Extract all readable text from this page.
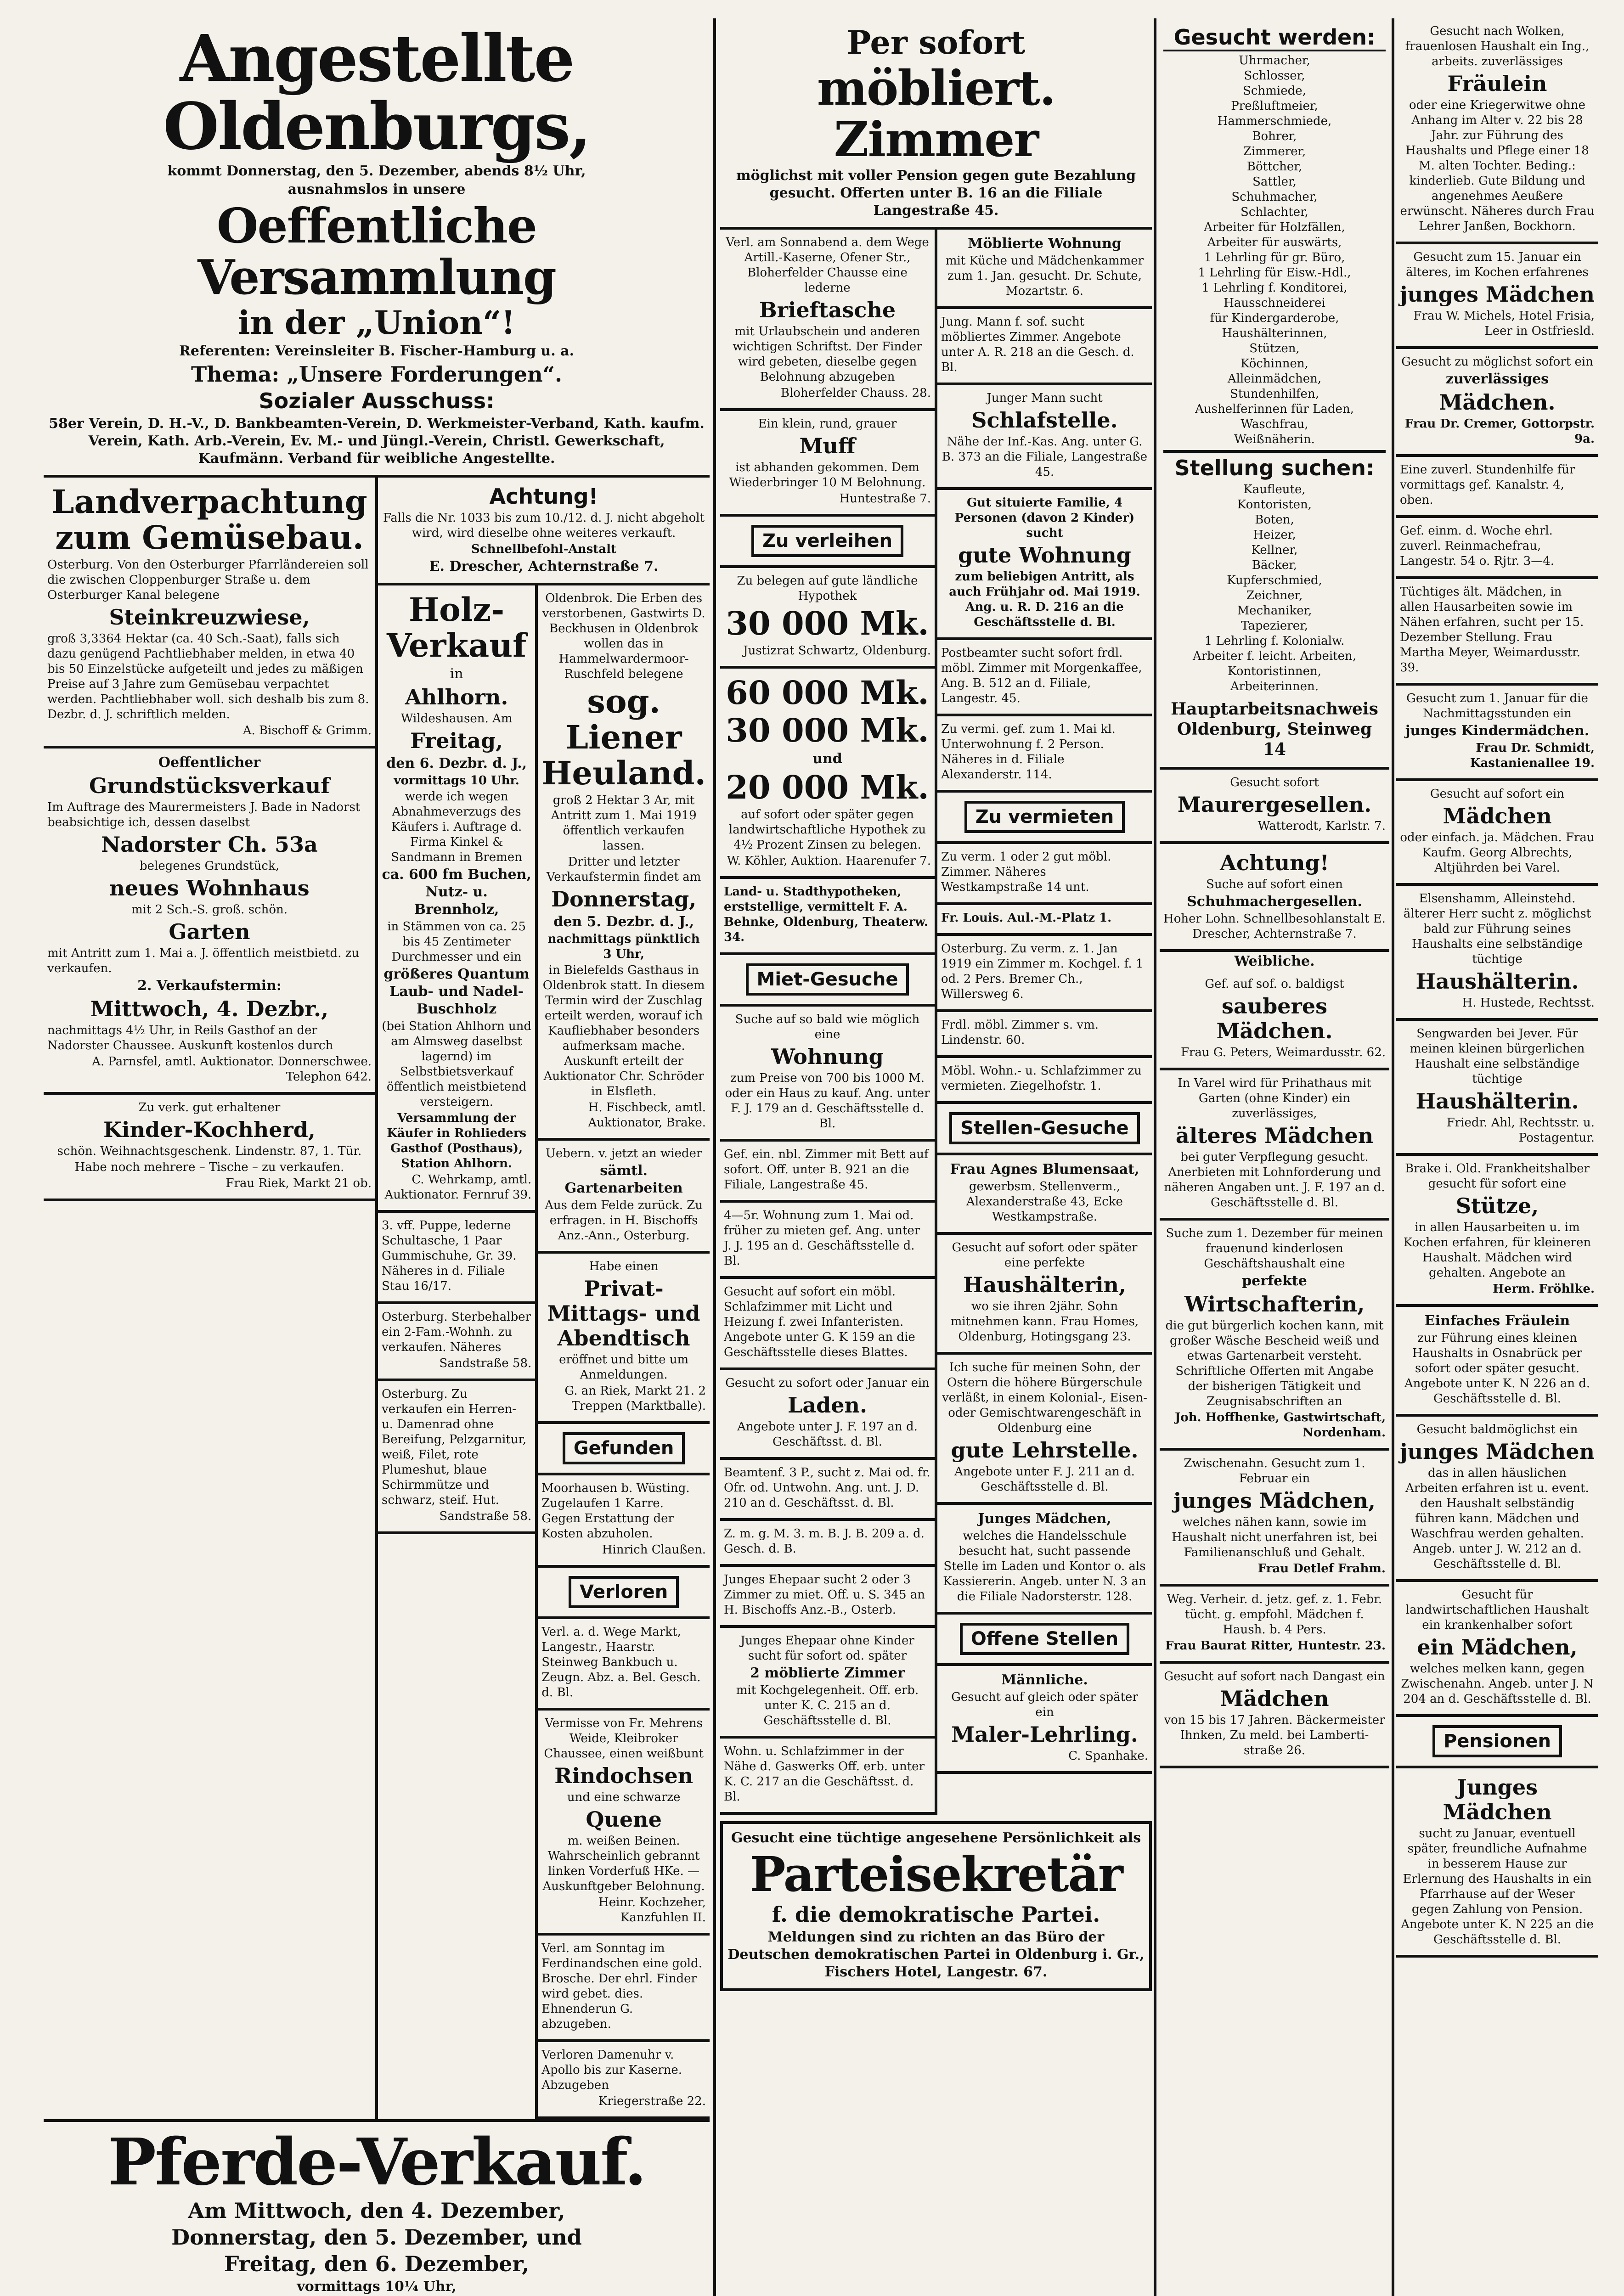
Angestellte Oldenburgs,
kommt Donnerstag, den 5. Dezember, abends 8½ Uhr,
ausnahmslos in unsere
Oeffentliche Versammlung
in der „Union“!
Referenten: Vereinsleiter B. Fischer-Hamburg u. a.
Thema: „Unsere Forderungen“.
Sozialer Ausschuss:
58er Verein, D. H.-V., D. Bankbeamten-Verein, D. Werkmeister-Verband, Kath. kaufm. Verein, Kath. Arb.-Verein, Ev. M.- und Jüngl.-Verein, Christl. Gewerkschaft, Kaufmänn. Verband für weibliche Angestellte.
Landverpachtung zum Gemüsebau.
Osterburg. Von den Osterburger Pfarrländereien soll die zwischen Cloppenburger Straße u. dem Osterburger Kanal belegene
Steinkreuzwiese,
groß 3,3364 Hektar (ca. 40 Sch.-Saat), falls sich dazu genügend Pachtliebhaber melden, in etwa 40 bis 50 Einzelstücke aufgeteilt und jedes zu mäßigen Preise auf 3 Jahre zum Gemüsebau verpachtet werden. Pachtliebhaber woll. sich deshalb bis zum 8. Dezbr. d. J. schriftlich melden.
A. Bischoff & Grimm.
Oeffentlicher
Grundstücksverkauf
Im Auftrage des Maurermeisters J. Bade in Nadorst beabsichtige ich, dessen daselbst
Nadorster Ch. 53a
belegenes Grundstück,
neues Wohnhaus
mit 2 Sch.-S. groß. schön.
Garten
mit Antritt zum 1. Mai a. J. öffentlich meistbietd. zu verkaufen.
2. Verkaufstermin:
Mittwoch, 4. Dezbr.,
nachmittags 4½ Uhr, in Reils Gasthof an der Nadorster Chaussee. Auskunft kostenlos durch
A. Parnsfel, amtl. Auktionator. Donnerschwee. Telephon 642.
Zu verk. gut erhaltener
Kinder-Kochherd,
schön. Weihnachtsgeschenk. Lindenstr. 87, 1. Tür.
Habe noch mehrere – Tische – zu verkaufen.
Frau Riek, Markt 21 ob.
Achtung!
Falls die Nr. 1033 bis zum 10./12. d. J. nicht abgeholt wird, wird dieselbe ohne weiteres verkauft.
Schnellbefohl-Anstalt
E. Drescher, Achternstraße 7.
Holz-Verkauf
in
Ahlhorn.
Wildeshausen. Am
Freitag,
den 6. Dezbr. d. J.,
vormittags 10 Uhr.
werde ich wegen Abnahmeverzugs des Käufers i. Auftrage d. Firma Kinkel & Sandmann in Bremen
ca. 600 fm Buchen, Nutz- u. Brennholz,
in Stämmen von ca. 25 bis 45 Zentimeter Durchmesser und ein
größeres Quantum Laub- und Nadel-Buschholz
(bei Station Ahlhorn und am Almsweg daselbst lagernd) im Selbstbietsverkauf öffentlich meistbietend versteigern.
Versammlung der Käufer in Rohlieders Gasthof (Posthaus), Station Ahlhorn.
C. Wehrkamp, amtl. Auktionator. Fernruf 39.
3. vff. Puppe, lederne Schultasche, 1 Paar Gummischuhe, Gr. 39. Näheres in d. Filiale Stau 16/17.
Osterburg. Sterbehalber ein 2-Fam.-Wohnh. zu verkaufen. Näheres
Sandstraße 58.
Osterburg. Zu verkaufen ein Herren- u. Damenrad ohne Bereifung, Pelzgarnitur, weiß, Filet, rote Plumeshut, blaue Schirmmütze und schwarz, steif. Hut.
Sandstraße 58.
Oldenbrok. Die Erben des verstorbenen, Gastwirts D. Beckhusen in Oldenbrok wollen das in Hammelwardermoor-Ruschfeld belegene
sog. Liener Heuland.
groß 2 Hektar 3 Ar, mit Antritt zum 1. Mai 1919 öffentlich verkaufen lassen.
Dritter und letzter Verkaufstermin findet am
Donnerstag,
den 5. Dezbr. d. J.,
nachmittags pünktlich 3 Uhr,
in Bielefelds Gasthaus in Oldenbrok statt. In diesem Termin wird der Zuschlag erteilt werden, worauf ich Kaufliebhaber besonders aufmerksam mache. Auskunft erteilt der Auktionator Chr. Schröder in Elsfleth.
H. Fischbeck, amtl. Auktionator, Brake.
Uebern. v. jetzt an wieder
sämtl. Gartenarbeiten
Aus dem Felde zurück. Zu erfragen. in H. Bischoffs Anz.-Ann., Osterburg.
Habe einen
Privat-Mittags- und Abendtisch
eröffnet und bitte um Anmeldungen.
G. an Riek, Markt 21. 2 Treppen (Marktballe).
Gefunden
Moorhausen b. Wüsting. Zugelaufen 1 Karre. Gegen Erstattung der Kosten abzuholen.
Hinrich Claußen.
Verloren
Verl. a. d. Wege Markt, Langestr., Haarstr. Steinweg Bankbuch u. Zeugn. Abz. a. Bel. Gesch. d. Bl.
Vermisse von Fr. Mehrens Weide, Kleibroker Chaussee, einen weißbunt
Rindochsen
und eine schwarze
Quene
m. weißen Beinen. Wahrscheinlich gebrannt linken Vorderfuß HKe. — Auskunftgeber Belohnung.
Heinr. Kochzeher, Kanzfuhlen II.
Verl. am Sonntag im Ferdinandschen eine gold. Brosche. Der ehrl. Finder wird gebet. dies. Ehnenderun G. abzugeben.
Verloren Damenuhr v. Apollo bis zur Kaserne. Abzugeben
Kriegerstraße 22.
Pferde-Verkauf.
Am Mittwoch, den 4. Dezember,
Donnerstag, den 5. Dezember, und
Freitag, den 6. Dezember,
vormittags 10¼ Uhr,
Per sofort
möbliert. Zimmer
möglichst mit voller Pension gegen gute Bezahlung gesucht. Offerten unter B. 16 an die Filiale Langestraße 45.
Verl. am Sonnabend a. dem Wege Artill.-Kaserne, Ofener Str., Bloherfelder Chausse eine lederne
Brieftasche
mit Urlaubschein und anderen wichtigen Schriftst. Der Finder wird gebeten, dieselbe gegen Belohnung abzugeben
Bloherfelder Chauss. 28.
Ein klein, rund, grauer
Muff
ist abhanden gekommen. Dem Wiederbringer 10 M Belohnung.
Huntestraße 7.
Zu verleihen
Zu belegen auf gute ländliche Hypothek
30 000 Mk.
Justizrat Schwartz, Oldenburg.
60 000 Mk.
30 000 Mk.
und
20 000 Mk.
auf sofort oder später gegen landwirtschaftliche Hypothek zu 4½ Prozent Zinsen zu belegen.
W. Köhler, Auktion. Haarenufer 7.
Land- u. Stadthypotheken, erststellige, vermittelt F. A. Behnke, Oldenburg, Theaterw. 34.
Miet-Gesuche
Suche auf so bald wie möglich eine
Wohnung
zum Preise von 700 bis 1000 M. oder ein Haus zu kauf. Ang. unter F. J. 179 an d. Geschäftsstelle d. Bl.
Gef. ein. nbl. Zimmer mit Bett auf sofort. Off. unter B. 921 an die Filiale, Langestraße 45.
4—5r. Wohnung zum 1. Mai od. früher zu mieten gef. Ang. unter J. J. 195 an d. Geschäftsstelle d. Bl.
Gesucht auf sofort ein möbl. Schlafzimmer mit Licht und Heizung f. zwei Infanteristen. Angebote unter G. K 159 an die Geschäftsstelle dieses Blattes.
Gesucht zu sofort oder Januar ein
Laden.
Angebote unter J. F. 197 an d. Geschäftsst. d. Bl.
Beamtenf. 3 P., sucht z. Mai od. fr. Ofr. od. Untwohn. Ang. unt. J. D. 210 an d. Geschäftsst. d. Bl.
Z. m. g. M. 3. m. B. J. B. 209 a. d. Gesch. d. B.
Junges Ehepaar sucht 2 oder 3 Zimmer zu miet. Off. u. S. 345 an H. Bischoffs Anz.-B., Osterb.
Junges Ehepaar ohne Kinder sucht für sofort od. später
2 möblierte Zimmer
mit Kochgelegenheit. Off. erb. unter K. C. 215 an d. Geschäftsstelle d. Bl.
Wohn. u. Schlafzimmer in der Nähe d. Gaswerks Off. erb. unter K. C. 217 an die Geschäftsst. d. Bl.
Möblierte Wohnung
mit Küche und Mädchenkammer zum 1. Jan. gesucht. Dr. Schute, Mozartstr. 6.
Jung. Mann f. sof. sucht möbliertes Zimmer. Angebote unter A. R. 218 an die Gesch. d. Bl.
Junger Mann sucht
Schlafstelle.
Nähe der Inf.-Kas. Ang. unter G. B. 373 an die Filiale, Langestraße 45.
Gut situierte Familie, 4 Personen (davon 2 Kinder) sucht
gute Wohnung
zum beliebigen Antritt, als auch Frühjahr od. Mai 1919. Ang. u. R. D. 216 an die Geschäftsstelle d. Bl.
Postbeamter sucht sofort frdl. möbl. Zimmer mit Morgenkaffee, Ang. B. 512 an d. Filiale, Langestr. 45.
Zu vermi. gef. zum 1. Mai kl. Unterwohnung f. 2 Person. Näheres in d. Filiale Alexanderstr. 114.
Zu vermieten
Zu verm. 1 oder 2 gut möbl. Zimmer. Näheres Westkampstraße 14 unt.
Fr. Louis. Aul.-M.-Platz 1.
Osterburg. Zu verm. z. 1. Jan 1919 ein Zimmer m. Kochgel. f. 1 od. 2 Pers. Bremer Ch., Willersweg 6.
Frdl. möbl. Zimmer s. vm. Lindenstr. 60.
Möbl. Wohn.- u. Schlafzimmer zu vermieten. Ziegelhofstr. 1.
Stellen-Gesuche
Frau Agnes Blumensaat,
gewerbsm. Stellenverm., Alexanderstraße 43, Ecke Westkampstraße.
Gesucht auf sofort oder später eine perfekte
Haushälterin,
wo sie ihren 2jähr. Sohn mitnehmen kann. Frau Homes, Oldenburg, Hotingsgang 23.
Ich suche für meinen Sohn, der Ostern die höhere Bürgerschule verläßt, in einem Kolonial-, Eisen- oder Gemischtwarengeschäft in Oldenburg eine
gute Lehrstelle.
Angebote unter F. J. 211 an d. Geschäftsstelle d. Bl.
Junges Mädchen,
welches die Handelsschule besucht hat, sucht passende Stelle im Laden und Kontor o. als Kassiererin. Angeb. unter N. 3 an die Filiale Nadorsterstr. 128.
Offene Stellen
Männliche.
Gesucht auf gleich oder später ein
Maler-Lehrling.
C. Spanhake.
Gesucht eine tüchtige angesehene Persönlichkeit als
Parteisekretär
f. die demokratische Partei.
Meldungen sind zu richten an das Büro der Deutschen demokratischen Partei in Oldenburg i. Gr., Fischers Hotel, Langestr. 67.
Gesucht werden:
Uhrmacher,
Schlosser,
Schmiede,
Preßluftmeier,
Hammerschmiede,
Bohrer,
Zimmerer,
Böttcher,
Sattler,
Schuhmacher,
Schlachter,
Arbeiter für Holzfällen,
Arbeiter für auswärts,
1 Lehrling für gr. Büro,
1 Lehrling für Eisw.-Hdl.,
1 Lehrling f. Konditorei,
Hausschneiderei
für Kindergarderobe,
Haushälterinnen,
Stützen,
Köchinnen,
Alleinmädchen,
Stundenhilfen,
Aushelferinnen für Laden,
Waschfrau,
Weißnäherin.
Stellung suchen:
Kaufleute,
Kontoristen,
Boten,
Heizer,
Kellner,
Bäcker,
Kupferschmied,
Zeichner,
Mechaniker,
Tapezierer,
1 Lehrling f. Kolonialw.
Arbeiter f. leicht. Arbeiten,
Kontoristinnen,
Arbeiterinnen.
Hauptarbeitsnachweis Oldenburg, Steinweg 14
Gesucht sofort
Maurergesellen.
Watterodt, Karlstr. 7.
Achtung!
Suche auf sofort einen
Schuhmachergesellen.
Hoher Lohn. Schnellbesohlanstalt E. Drescher, Achternstraße 7.
Weibliche.
Gef. auf sof. o. baldigst
sauberes Mädchen.
Frau G. Peters, Weimardusstr. 62.
In Varel wird für Prihathaus mit Garten (ohne Kinder) ein zuverlässiges,
älteres Mädchen
bei guter Verpflegung gesucht. Anerbieten mit Lohnforderung und näheren Angaben unt. J. F. 197 an d. Geschäftsstelle d. Bl.
Suche zum 1. Dezember für meinen frauenund kinderlosen Geschäftshaushalt eine
perfekte
Wirtschafterin,
die gut bürgerlich kochen kann, mit großer Wäsche Bescheid weiß und etwas Gartenarbeit versteht. Schriftliche Offerten mit Angabe der bisherigen Tätigkeit und Zeugnisabschriften an
Joh. Hoffhenke, Gastwirtschaft, Nordenham.
Zwischenahn. Gesucht zum 1. Februar ein
junges Mädchen,
welches nähen kann, sowie im Haushalt nicht unerfahren ist, bei Familienanschluß und Gehalt.
Frau Detlef Frahm.
Weg. Verheir. d. jetz. gef. z. 1. Febr. tücht. g. empfohl. Mädchen f. Haush. b. 4 Pers.
Frau Baurat Ritter, Huntestr. 23.
Gesucht auf sofort nach Dangast ein
Mädchen
von 15 bis 17 Jahren. Bäckermeister Ihnken, Zu meld. bei Lamberti-straße 26.
Gesucht nach Wolken, frauenlosen Haushalt ein Ing., arbeits. zuverlässiges
Fräulein
oder eine Kriegerwitwe ohne Anhang im Alter v. 22 bis 28 Jahr. zur Führung des Haushalts und Pflege einer 18 M. alten Tochter. Beding.: kinderlieb. Gute Bildung und angenehmes Aeußere erwünscht. Näheres durch Frau Lehrer Janßen, Bockhorn.
Gesucht zum 15. Januar ein älteres, im Kochen erfahrenes
junges Mädchen
Frau W. Michels, Hotel Frisia, Leer in Ostfriesld.
Gesucht zu möglichst sofort ein
zuverlässiges
Mädchen.
Frau Dr. Cremer, Gottorpstr. 9a.
Eine zuverl. Stundenhilfe für vormittags gef. Kanalstr. 4, oben.
Gef. einm. d. Woche ehrl. zuverl. Reinmachefrau, Langestr. 54 o. Rjtr. 3—4.
Tüchtiges ält. Mädchen, in allen Hausarbeiten sowie im Nähen erfahren, sucht per 15. Dezember Stellung. Frau Martha Meyer, Weimardusstr. 39.
Gesucht zum 1. Januar für die Nachmittagsstunden ein
junges Kindermädchen.
Frau Dr. Schmidt, Kastanienallee 19.
Gesucht auf sofort ein
Mädchen
oder einfach. ja. Mädchen. Frau Kaufm. Georg Albrechts, Altjührden bei Varel.
Elsenshamm, Alleinstehd. älterer Herr sucht z. möglichst bald zur Führung seines Haushalts eine selbständige tüchtige
Haushälterin.
H. Hustede, Rechtsst.
Sengwarden bei Jever. Für meinen kleinen bürgerlichen Haushalt eine selbständige tüchtige
Haushälterin.
Friedr. Ahl, Rechtsstr. u. Postagentur.
Brake i. Old. Frankheitshalber gesucht für sofort eine
Stütze,
in allen Hausarbeiten u. im Kochen erfahren, für kleineren Haushalt. Mädchen wird gehalten. Angebote an
Herm. Fröhlke.
Einfaches Fräulein
zur Führung eines kleinen Haushalts in Osnabrück per sofort oder später gesucht. Angebote unter K. N 226 an d. Geschäftsstelle d. Bl.
Gesucht baldmöglichst ein
junges Mädchen
das in allen häuslichen Arbeiten erfahren ist u. event. den Haushalt selbständig führen kann. Mädchen und Waschfrau werden gehalten. Angeb. unter J. W. 212 an d. Geschäftsstelle d. Bl.
Gesucht für landwirtschaftlichen Haushalt ein krankenhalber sofort
ein Mädchen,
welches melken kann, gegen Zwischenahn. Angeb. unter J. N 204 an d. Geschäftsstelle d. Bl.
Pensionen
Junges Mädchen
sucht zu Januar, eventuell später, freundliche Aufnahme in besserem Hause zur Erlernung des Haushalts in ein Pfarrhause auf der Weser gegen Zahlung von Pension. Angebote unter K. N 225 an die Geschäftsstelle d. Bl.
